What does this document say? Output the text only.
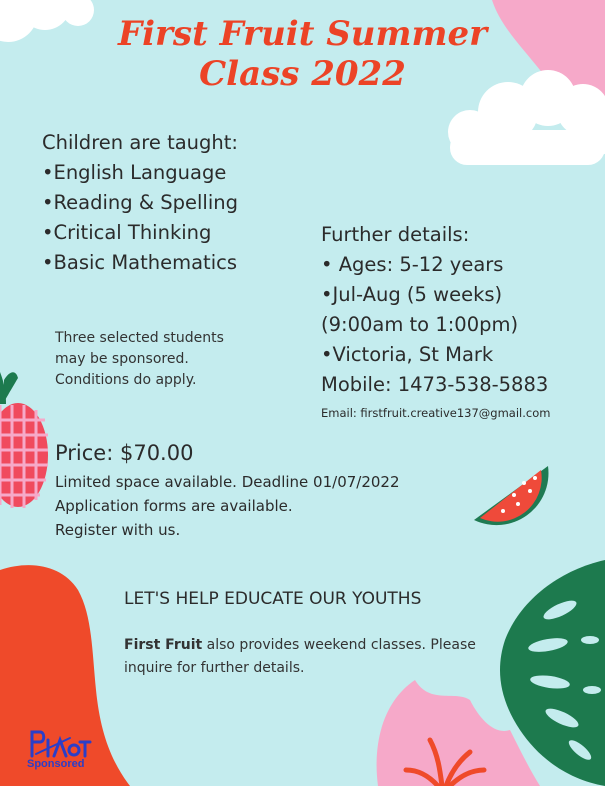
First Fruit Summer
Class 2022
Children are taught:
•English Language
•Reading & Spelling
•Critical Thinking
•Basic Mathematics
Further details:
• Ages: 5-12 years
•Jul-Aug (5 weeks)
(9:00am to 1:00pm)
•Victoria, St Mark
Mobile: 1473-538-5883
Email: firstfruit.creative137@gmail.com
Three selected students
may be sponsored.
Conditions do apply.
Price: $70.00
Limited space available. Deadline 01/07/2022
Application forms are available.
Register with us.
LET'S HELP EDUCATE OUR YOUTHS
First Fruit also provides weekend classes. Please inquire for further details.
Sponsored
